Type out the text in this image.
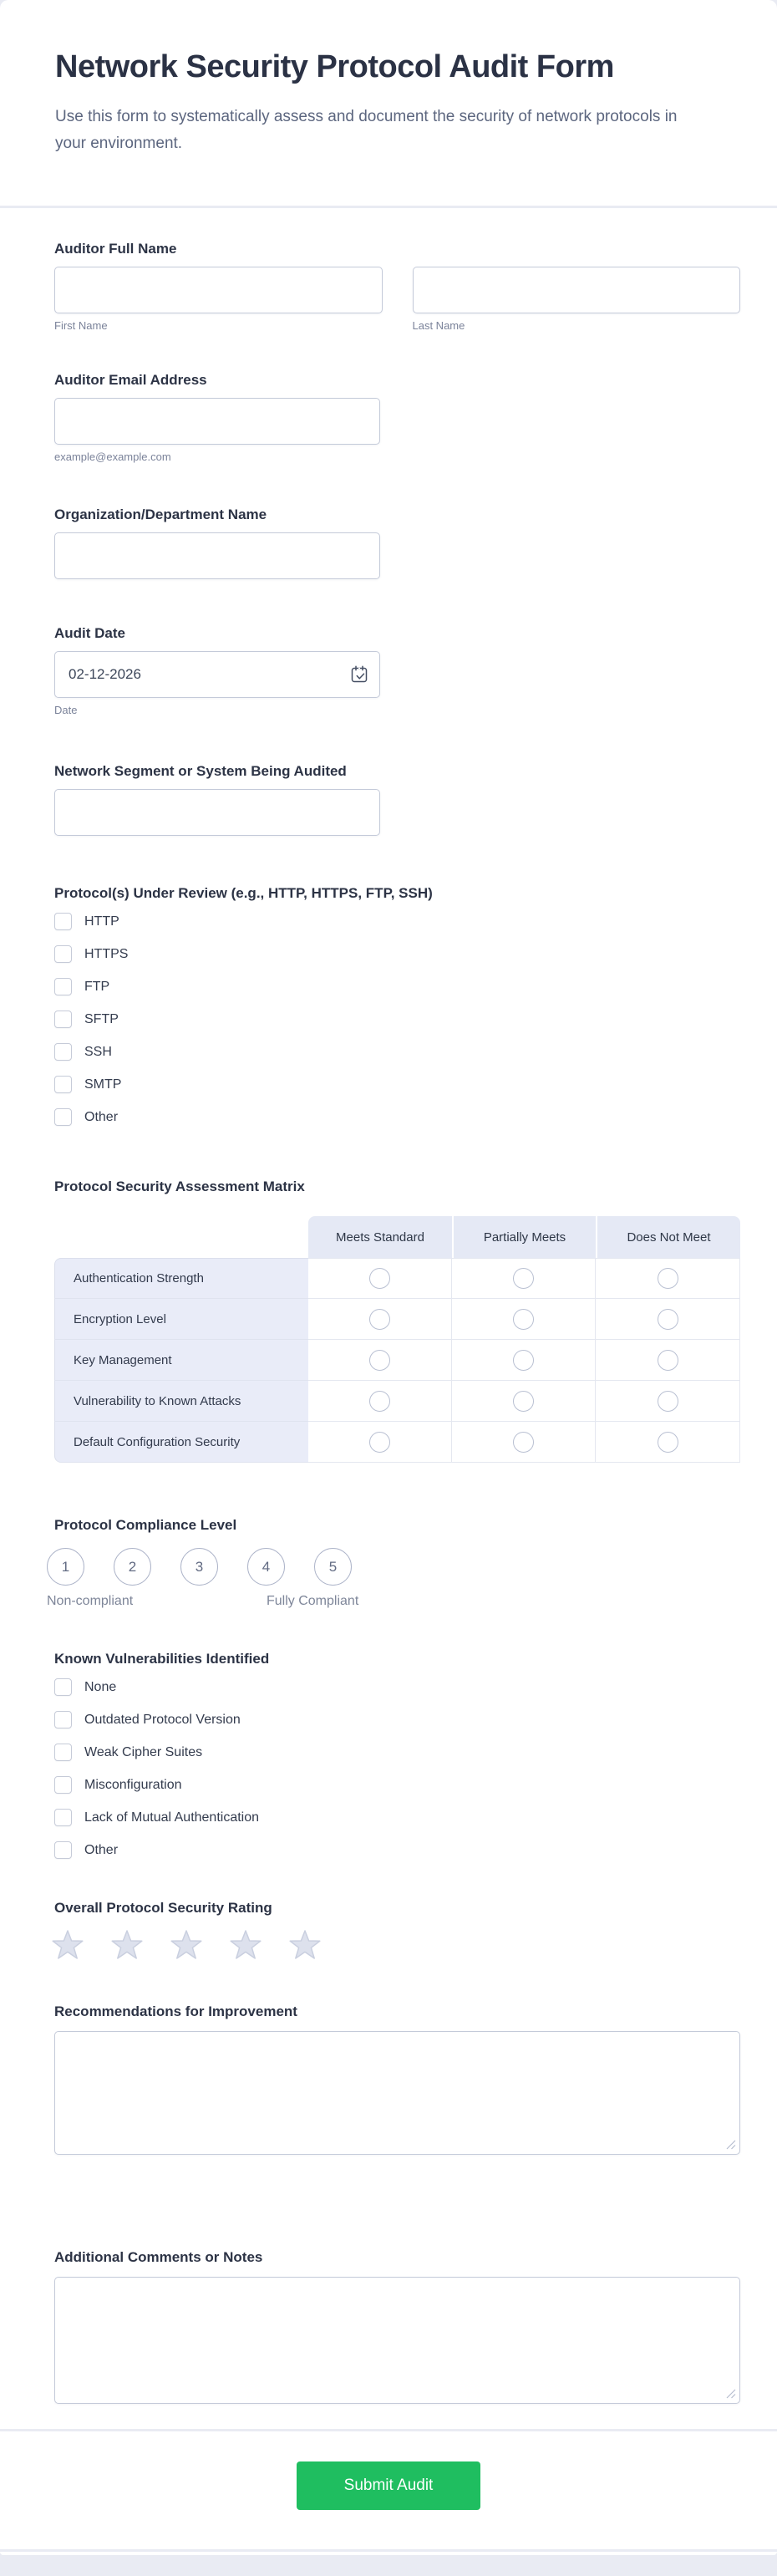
Network Security Protocol Audit Form

Use this form to systematically assess and document the security of network protocols in your environment.

Auditor Full Name
First Name	Last Name
Auditor Email Address
example@example.com
Organization/Department Name
Audit Date
02-12-2026
Date
Network Segment or System Being Audited
Protocol(s) Under Review (e.g., HTTP, HTTPS, FTP, SSH)
HTTP
HTTPS
FTP
SFTP
SSH
SMTP
Other
Protocol Security Assessment Matrix
Meets Standard	Partially Meets	Does Not Meet
Authentication Strength
Encryption Level
Key Management
Vulnerability to Known Attacks
Default Configuration Security
Protocol Compliance Level
1	2	3	4	5
Non-compliant	Fully Compliant
Known Vulnerabilities Identified
None
Outdated Protocol Version
Weak Cipher Suites
Misconfiguration
Lack of Mutual Authentication
Other
Overall Protocol Security Rating
Recommendations for Improvement
Additional Comments or Notes
Submit Audit
